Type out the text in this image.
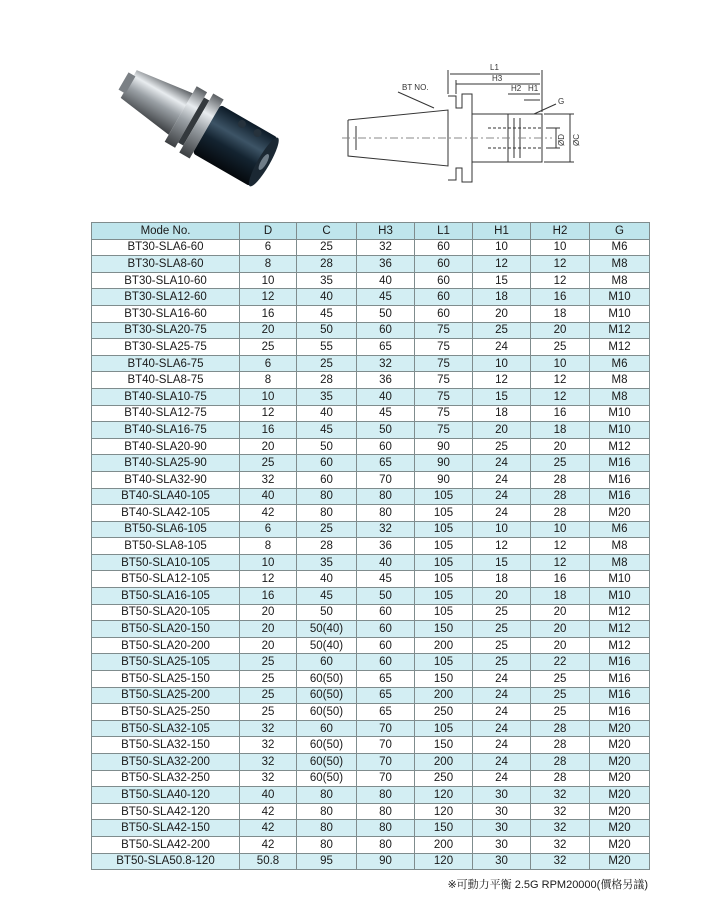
L1
H3
H2 H1
BT NO.
G
ØD ØC
Mode No.	D	C	H3	L1	H1	H2	G
BT30-SLA6-60	6	25	32	60	10	10	M6
BT30-SLA8-60	8	28	36	60	12	12	M8
BT30-SLA10-60	10	35	40	60	15	12	M8
BT30-SLA12-60	12	40	45	60	18	16	M10
BT30-SLA16-60	16	45	50	60	20	18	M10
BT30-SLA20-75	20	50	60	75	25	20	M12
BT30-SLA25-75	25	55	65	75	24	25	M12
BT40-SLA6-75	6	25	32	75	10	10	M6
BT40-SLA8-75	8	28	36	75	12	12	M8
BT40-SLA10-75	10	35	40	75	15	12	M8
BT40-SLA12-75	12	40	45	75	18	16	M10
BT40-SLA16-75	16	45	50	75	20	18	M10
BT40-SLA20-90	20	50	60	90	25	20	M12
BT40-SLA25-90	25	60	65	90	24	25	M16
BT40-SLA32-90	32	60	70	90	24	28	M16
BT40-SLA40-105	40	80	80	105	24	28	M16
BT40-SLA42-105	42	80	80	105	24	28	M20
BT50-SLA6-105	6	25	32	105	10	10	M6
BT50-SLA8-105	8	28	36	105	12	12	M8
BT50-SLA10-105	10	35	40	105	15	12	M8
BT50-SLA12-105	12	40	45	105	18	16	M10
BT50-SLA16-105	16	45	50	105	20	18	M10
BT50-SLA20-105	20	50	60	105	25	20	M12
BT50-SLA20-150	20	50(40)	60	150	25	20	M12
BT50-SLA20-200	20	50(40)	60	200	25	20	M12
BT50-SLA25-105	25	60	60	105	25	22	M16
BT50-SLA25-150	25	60(50)	65	150	24	25	M16
BT50-SLA25-200	25	60(50)	65	200	24	25	M16
BT50-SLA25-250	25	60(50)	65	250	24	25	M16
BT50-SLA32-105	32	60	70	105	24	28	M20
BT50-SLA32-150	32	60(50)	70	150	24	28	M20
BT50-SLA32-200	32	60(50)	70	200	24	28	M20
BT50-SLA32-250	32	60(50)	70	250	24	28	M20
BT50-SLA40-120	40	80	80	120	30	32	M20
BT50-SLA42-120	42	80	80	120	30	32	M20
BT50-SLA42-150	42	80	80	150	30	32	M20
BT50-SLA42-200	42	80	80	200	30	32	M20
BT50-SLA50.8-120	50.8	95	90	120	30	32	M20
※可動力平衡 2.5G RPM20000(價格另議)
